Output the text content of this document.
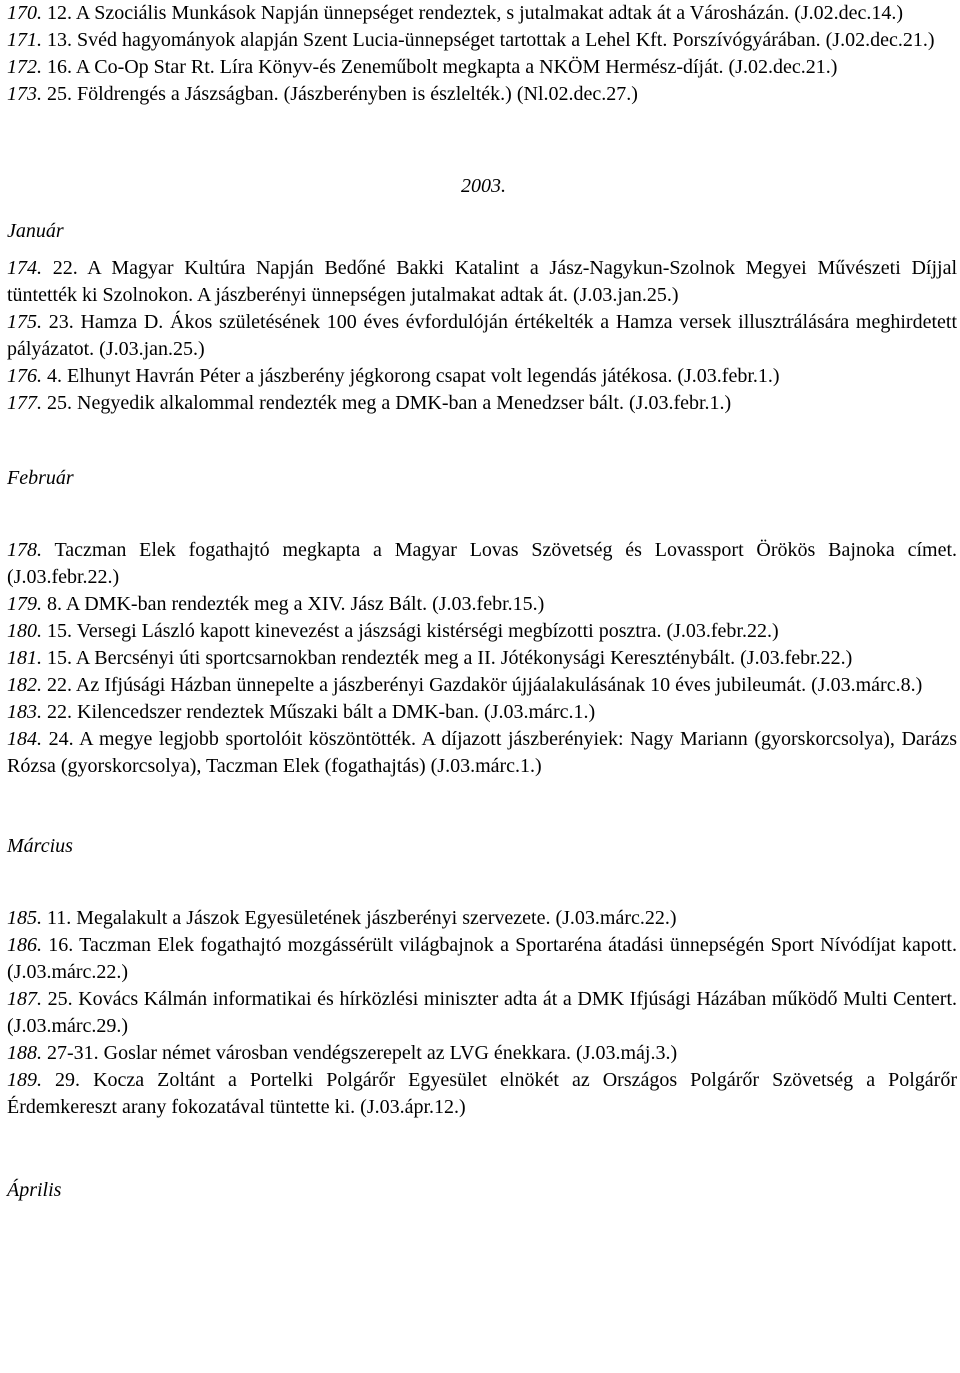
170. 12. A Szociális Munkások Napján ünnepséget rendeztek, s jutalmakat adtak át a Városházán. (J.02.dec.14.)

171. 13. Svéd hagyományok alapján Szent Lucia-ünnepséget tartottak a Lehel Kft. Porszívógyárában. (J.02.dec.21.)

172. 16. A Co-Op Star Rt. Líra Könyv-és Zeneműbolt megkapta a NKÖM Hermész-díját. (J.02.dec.21.)

173. 25. Földrengés a Jászságban. (Jászberényben is észlelték.) (Nl.02.dec.27.)

2003.
Január

174. 22. A Magyar Kultúra Napján Bedőné Bakki Katalint a Jász-Nagykun-Szolnok Megyei Művészeti Díjjal tüntették ki Szolnokon. A jászberényi ünnepségen jutalmakat adtak át. (J.03.jan.25.)

175. 23. Hamza D. Ákos születésének 100 éves évfordulóján értékelték a Hamza versek illusztrálására meghirdetett pályázatot. (J.03.jan.25.)

176. 4. Elhunyt Havrán Péter a jászberény jégkorong csapat volt legendás játékosa. (J.03.febr.1.)

177. 25. Negyedik alkalommal rendezték meg a DMK-ban a Menedzser bált. (J.03.febr.1.)

Február

178. Taczman Elek fogathajtó megkapta a Magyar Lovas Szövetség és Lovassport Örökös Bajnoka címet. (J.03.febr.22.)

179. 8. A DMK-ban rendezték meg a XIV. Jász Bált. (J.03.febr.15.)

180. 15. Versegi László kapott kinevezést a jászsági kistérségi megbízotti posztra. (J.03.febr.22.)

181. 15. A Bercsényi úti sportcsarnokban rendezték meg a II. Jótékonysági Kereszténybált. (J.03.febr.22.)

182. 22. Az Ifjúsági Házban ünnepelte a jászberényi Gazdakör újjáalakulásának 10 éves jubileumát. (J.03.márc.8.)

183. 22. Kilencedszer rendeztek Műszaki bált a DMK-ban. (J.03.márc.1.)

184. 24. A megye legjobb sportolóit köszöntötték. A díjazott jászberényiek: Nagy Mariann (gyorskorcsolya), Darázs Rózsa (gyorskorcsolya), Taczman Elek (fogathajtás) (J.03.márc.1.)

Március

185. 11. Megalakult a Jászok Egyesületének jászberényi szervezete. (J.03.márc.22.)

186. 16. Taczman Elek fogathajtó mozgássérült világbajnok a Sportaréna átadási ünnepségén Sport Nívódíjat kapott. (J.03.márc.22.)

187. 25. Kovács Kálmán informatikai és hírközlési miniszter adta át a DMK Ifjúsági Házában működő Multi Centert. (J.03.márc.29.)

188. 27-31. Goslar német városban vendégszerepelt az LVG énekkara. (J.03.máj.3.)

189. 29. Kocza Zoltánt a Portelki Polgárőr Egyesület elnökét az Országos Polgárőr Szövetség a Polgárőr Érdemkereszt arany fokozatával tüntette ki. (J.03.ápr.12.)

Április
